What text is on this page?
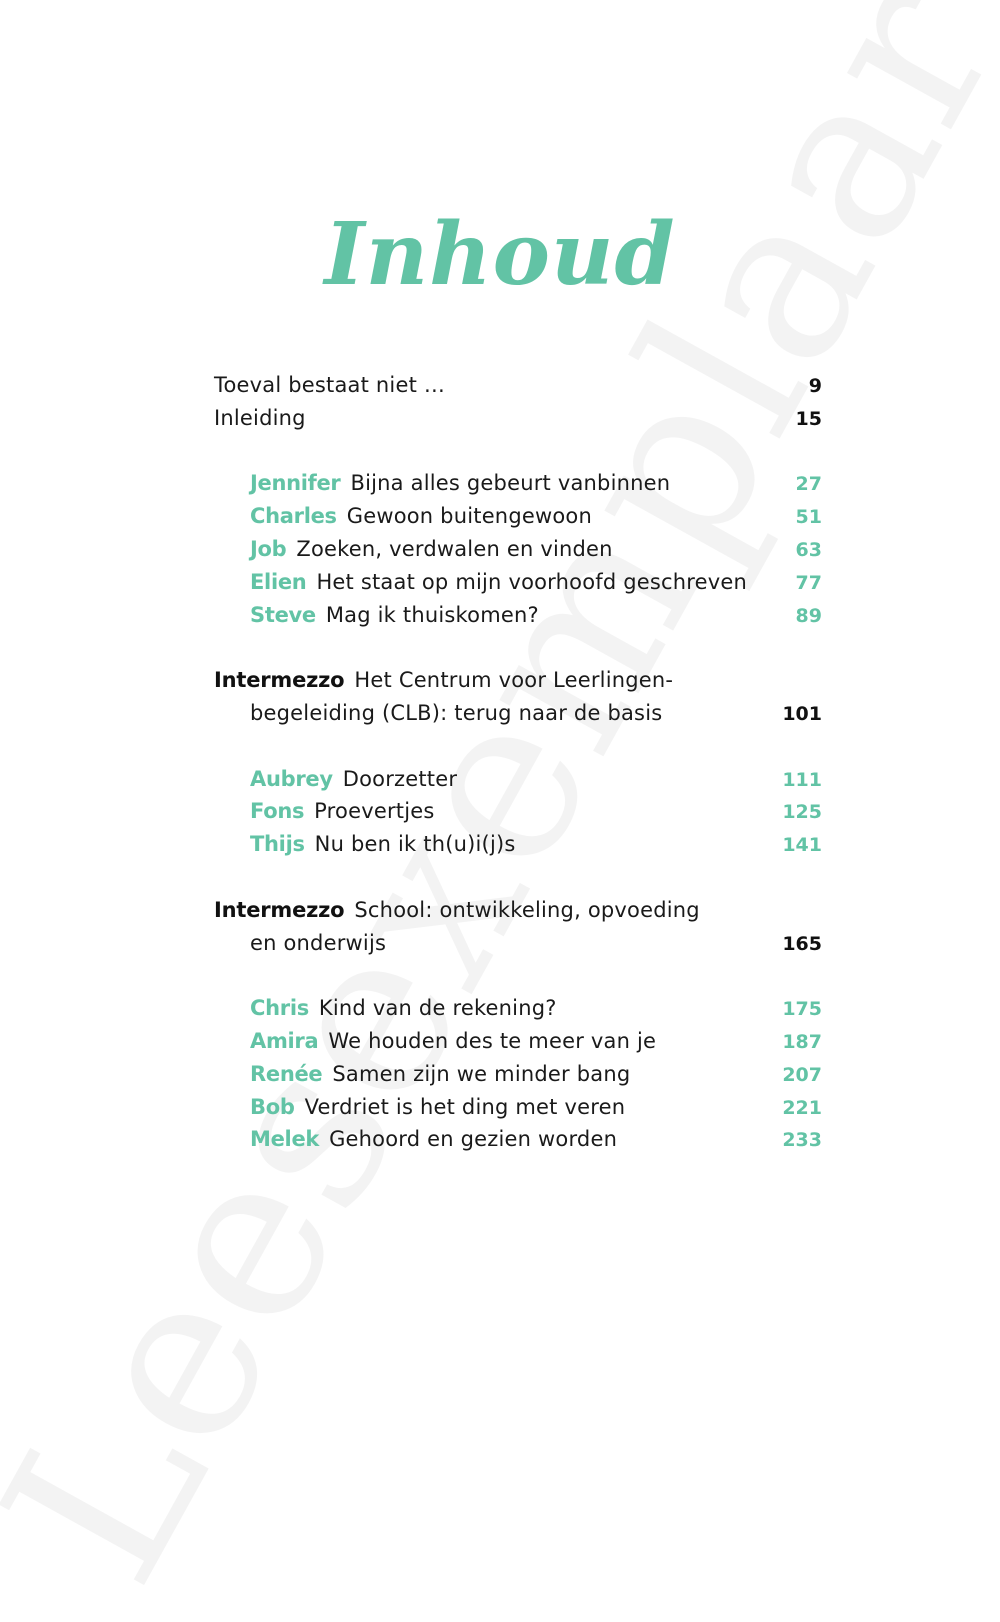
Inhoud
Toeval bestaat niet …	9
Inleiding	15
Jennifer Bijna alles gebeurt vanbinnen	27
Charles Gewoon buitengewoon	51
Job Zoeken, verdwalen en vinden	63
Elien Het staat op mijn voorhoofd geschreven	77
Steve Mag ik thuiskomen?	89
Intermezzo Het Centrum voor Leerlingen-
begeleiding (CLB): terug naar de basis	101
Aubrey Doorzetter	111
Fons Proevertjes	125
Thijs Nu ben ik th(u)i(j)s	141
Intermezzo School: ontwikkeling, opvoeding
en onderwijs	165
Chris Kind van de rekening?	175
Amira We houden des te meer van je	187
Renée Samen zijn we minder bang	207
Bob Verdriet is het ding met veren	221
Melek Gehoord en gezien worden	233
